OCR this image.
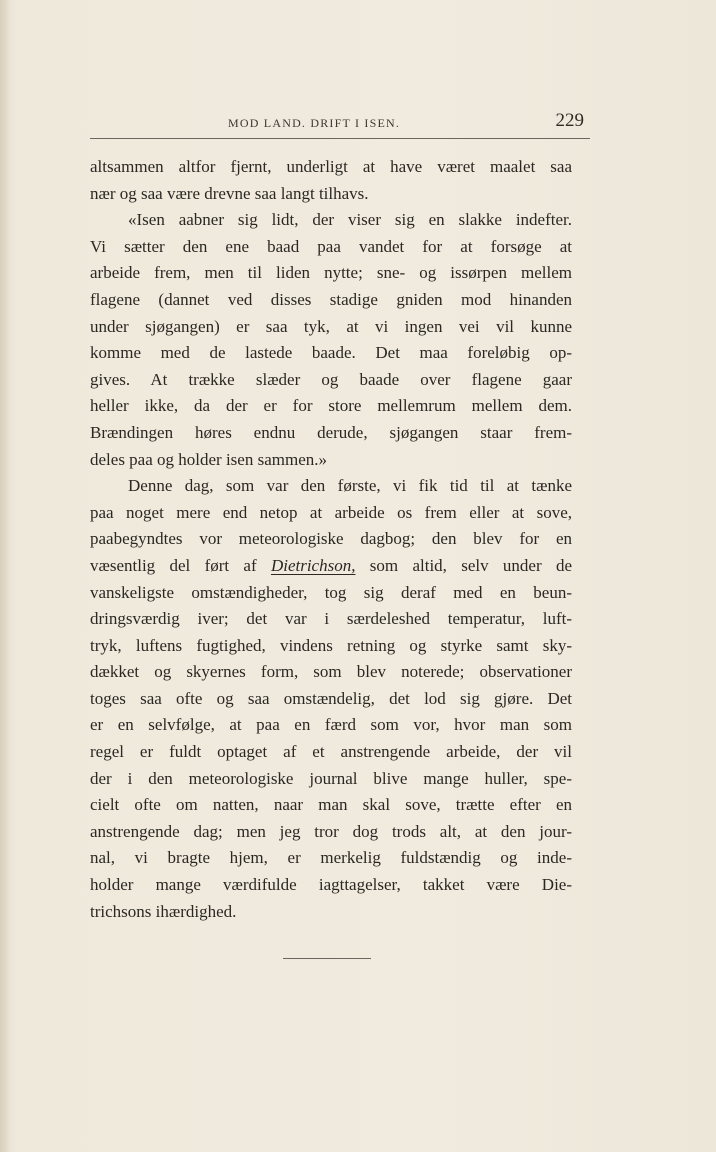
MOD LAND. DRIFT I ISEN.	229
altsammen altfor fjernt, underligt at have været maalet saa
nær og saa være drevne saa langt tilhavs.
«Isen aabner sig lidt, der viser sig en slakke indefter.
Vi sætter den ene baad paa vandet for at forsøge at
arbeide frem, men til liden nytte; sne- og issørpen mellem
flagene (dannet ved disses stadige gniden mod hinanden
under sjøgangen) er saa tyk, at vi ingen vei vil kunne
komme med de lastede baade. Det maa foreløbig op-
gives. At trække slæder og baade over flagene gaar
heller ikke, da der er for store mellemrum mellem dem.
Brændingen høres endnu derude, sjøgangen staar frem-
deles paa og holder isen sammen.»
Denne dag, som var den første, vi fik tid til at tænke
paa noget mere end netop at arbeide os frem eller at sove,
paabegyndtes vor meteorologiske dagbog; den blev for en
væsentlig del ført af Dietrichson, som altid, selv under de
vanskeligste omstændigheder, tog sig deraf med en beun-
dringsværdig iver; det var i særdeleshed temperatur, luft-
tryk, luftens fugtighed, vindens retning og styrke samt sky-
dækket og skyernes form, som blev noterede; observationer
toges saa ofte og saa omstændelig, det lod sig gjøre. Det
er en selvfølge, at paa en færd som vor, hvor man som
regel er fuldt optaget af et anstrengende arbeide, der vil
der i den meteorologiske journal blive mange huller, spe-
cielt ofte om natten, naar man skal sove, trætte efter en
anstrengende dag; men jeg tror dog trods alt, at den jour-
nal, vi bragte hjem, er merkelig fuldstændig og inde-
holder mange værdifulde iagttagelser, takket være Die-
trichsons ihærdighed.
